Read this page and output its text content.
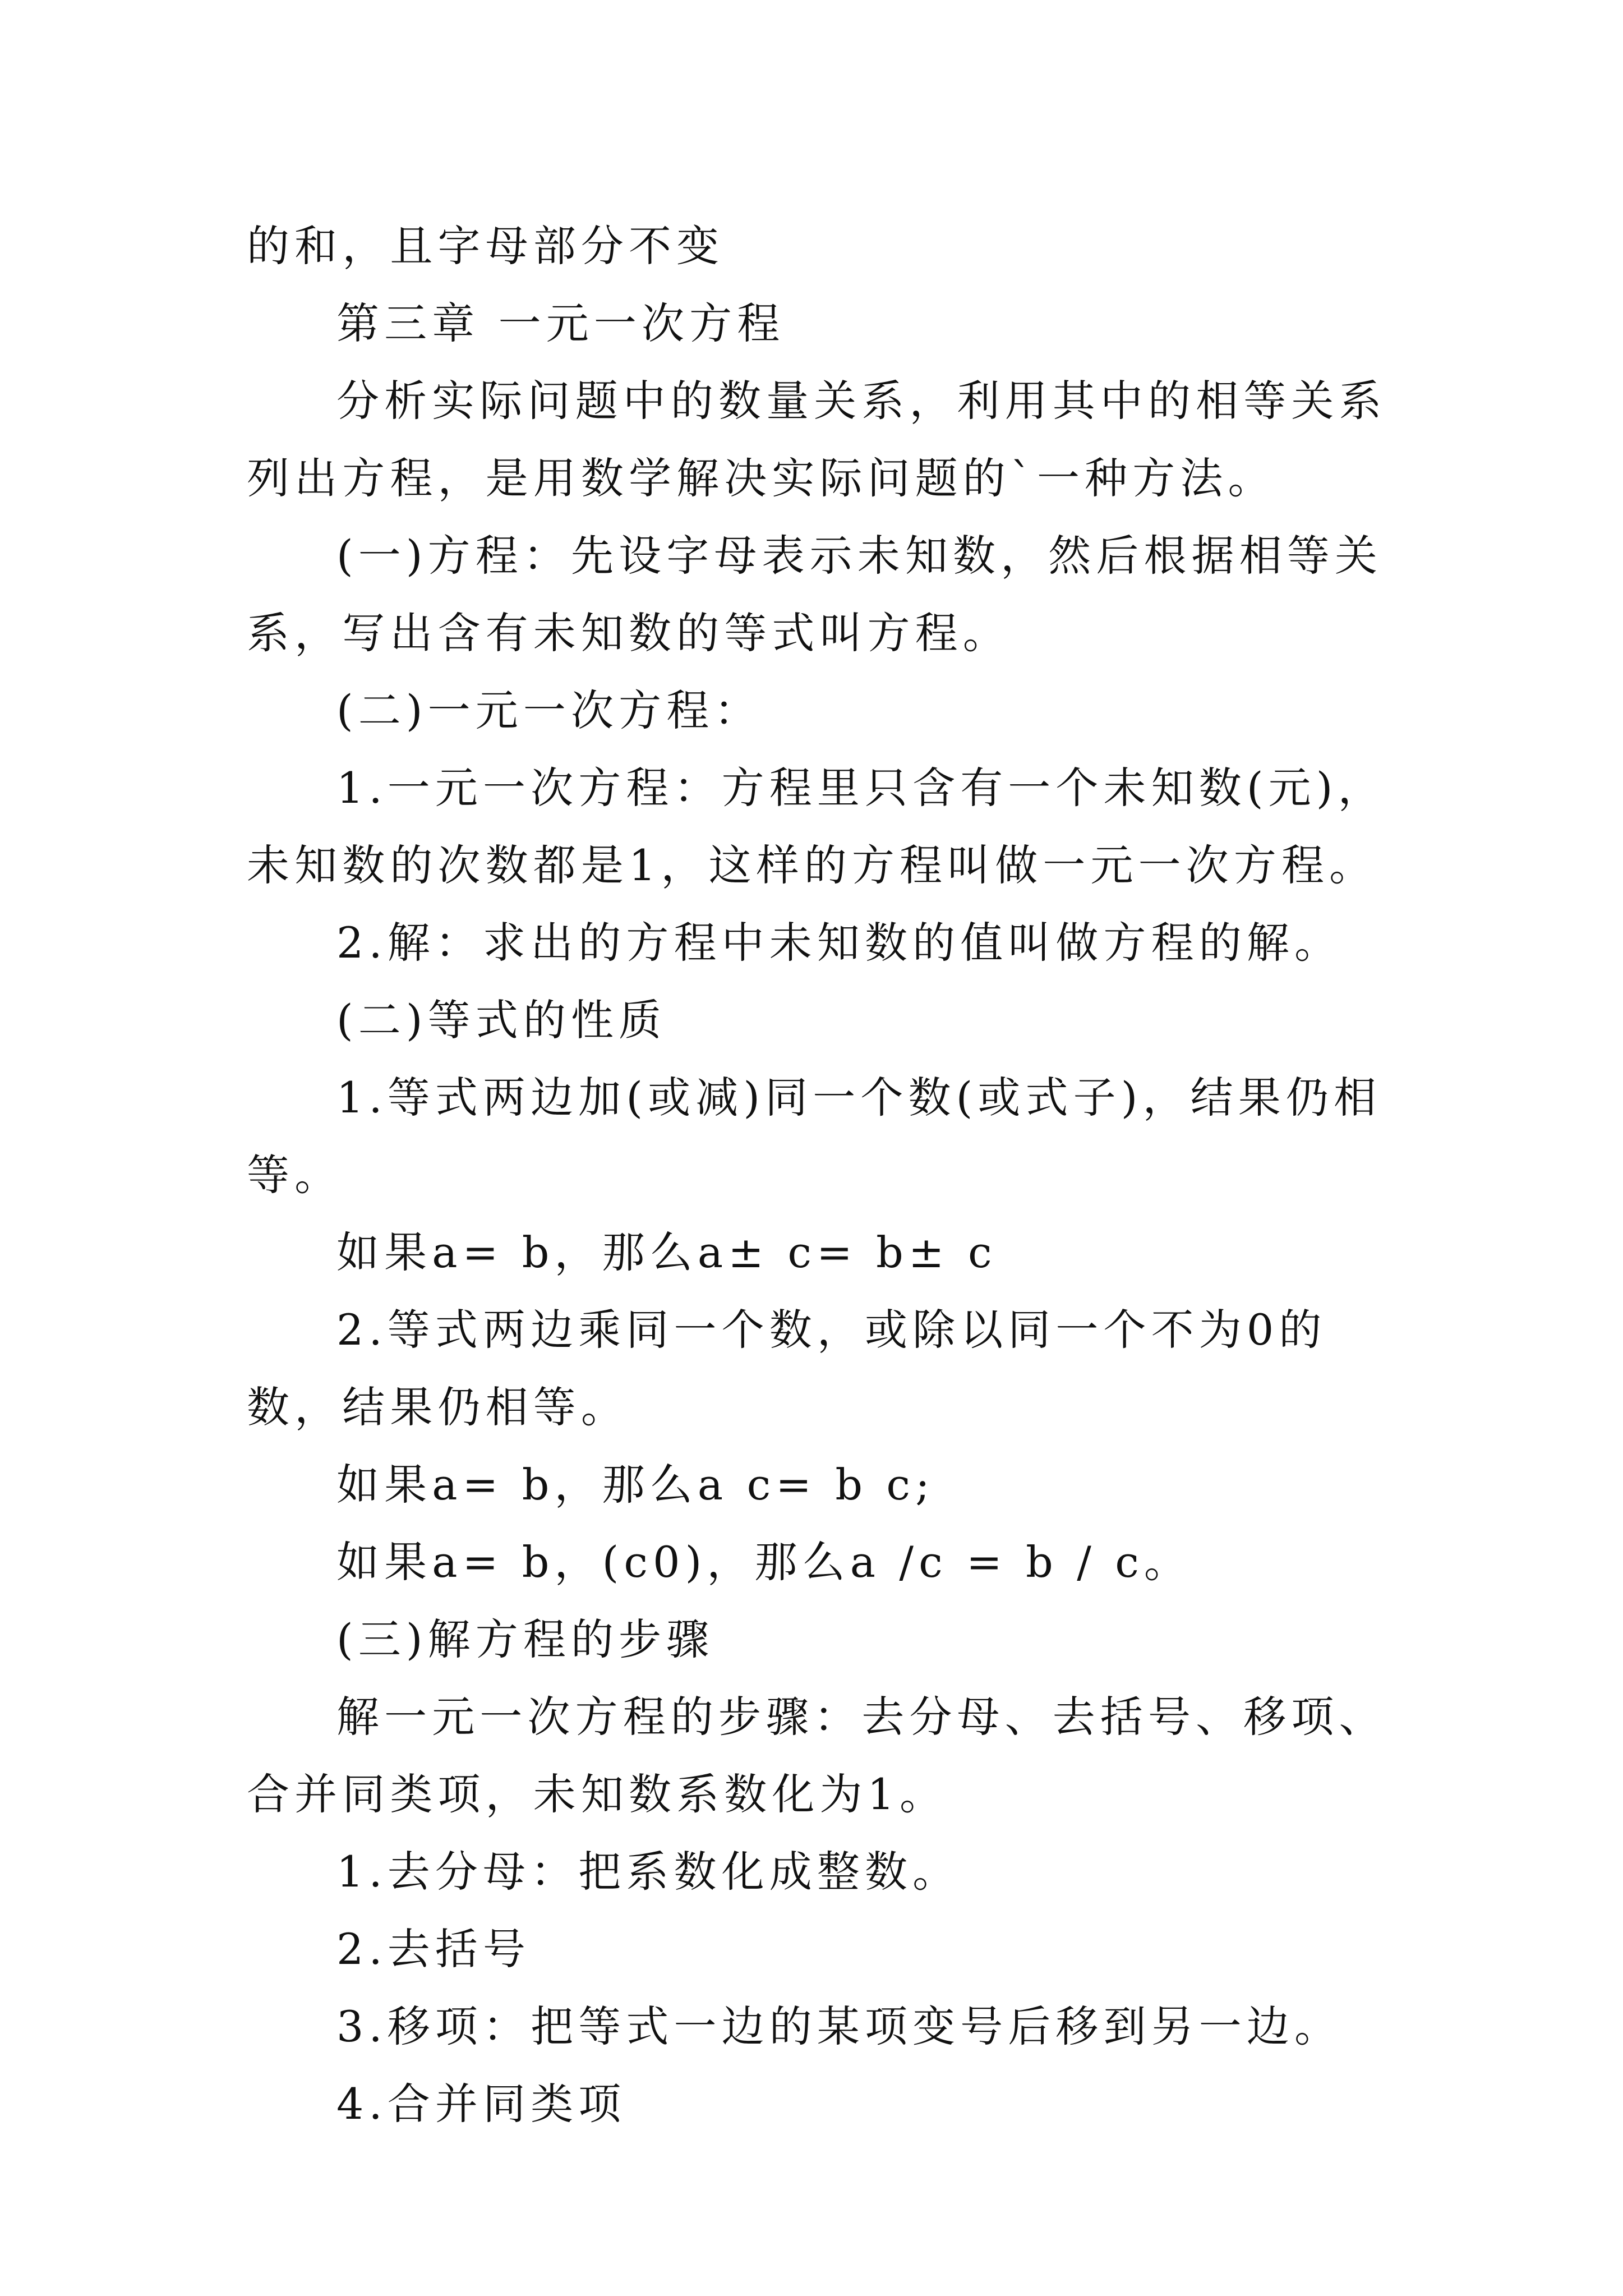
的和，且字母部分不变

第三章 一元一次方程

分析实际问题中的数量关系，利用其中的相等关系列出方程，是用数学解决实际问题的`一种方法。

(一)方程：先设字母表示未知数，然后根据相等关系，写出含有未知数的等式叫方程。

(二)一元一次方程：

1.一元一次方程：方程里只含有一个未知数(元)，未知数的次数都是1，这样的方程叫做一元一次方程。

2.解：求出的方程中未知数的值叫做方程的解。

(二)等式的性质

1.等式两边加(或减)同一个数(或式子)，结果仍相等。

如果a= b，那么a± c= b± c

2.等式两边乘同一个数，或除以同一个不为0的数，结果仍相等。

如果a= b，那么a c= b c;

如果a= b，(c0)，那么a /c = b / c。

(三)解方程的步骤

解一元一次方程的步骤：去分母、去括号、移项、合并同类项，未知数系数化为1。

1.去分母：把系数化成整数。

2.去括号

3.移项：把等式一边的某项变号后移到另一边。

4.合并同类项
